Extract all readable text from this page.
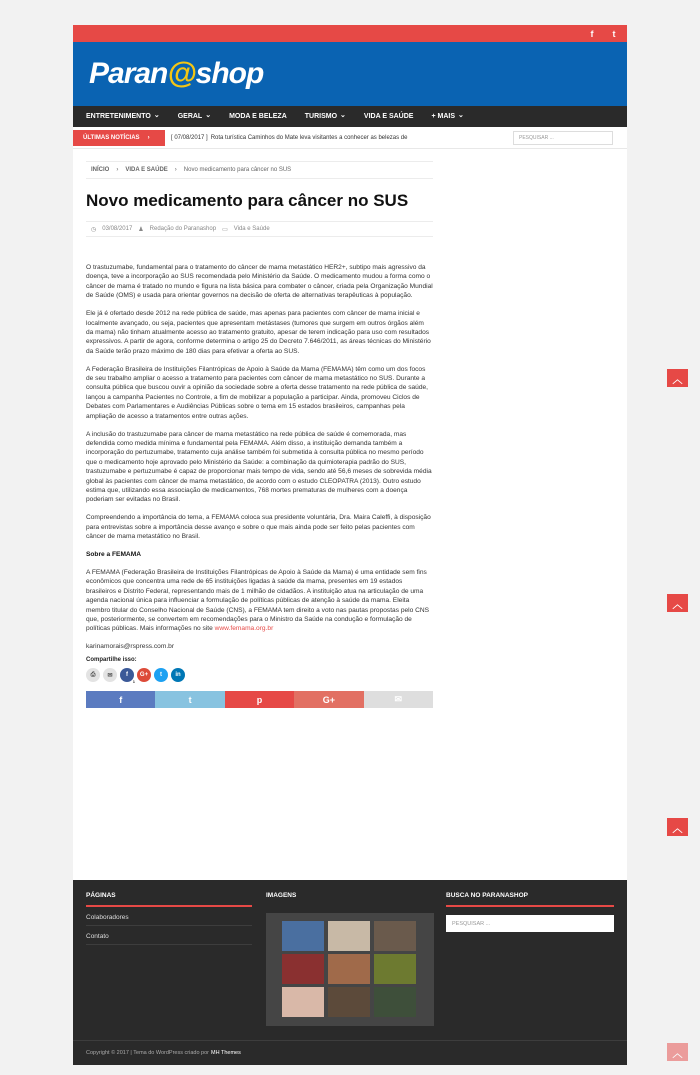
f	t
Paran@shop
ENTRETENIMENTO ⌄	GERAL ⌄	MODA E BELEZA	TURISMO ⌄	VIDA E SAÚDE	+ MAIS ⌄
ÚLTIMAS NOTÍCIAS ›	[ 07/08/2017 ] Rota turística Caminhos do Mate leva visitantes a conhecer as belezas de	PESQUISAR ...
INÍCIO › VIDA E SAÚDE › Novo medicamento para câncer no SUS
Novo medicamento para câncer no SUS
◷ 03/08/2017 ♟ Redação do Paranashop ▭ Vida e Saúde

O trastuzumabe, fundamental para o tratamento do câncer de mama metastático HER2+, subtipo mais agressivo da doença, teve a incorporação ao SUS recomendada pelo Ministério da Saúde. O medicamento mudou a forma como o câncer de mama é tratado no mundo e figura na lista básica para combater o câncer, criada pela Organização Mundial de Saúde (OMS) e usada para orientar governos na decisão de oferta de alternativas terapêuticas à população.

Ele já é ofertado desde 2012 na rede pública de saúde, mas apenas para pacientes com câncer de mama inicial e localmente avançado, ou seja, pacientes que apresentam metástases (tumores que surgem em outros órgãos além da mama) não tinham atualmente acesso ao tratamento gratuito, apesar de terem indicação para uso com resultados expressivos. A partir de agora, conforme determina o artigo 25 do Decreto 7.646/2011, as áreas técnicas do Ministério da Saúde terão prazo máximo de 180 dias para efetivar a oferta ao SUS.

A Federação Brasileira de Instituições Filantrópicas de Apoio à Saúde da Mama (FEMAMA) têm como um dos focos de seu trabalho ampliar o acesso a tratamento para pacientes com câncer de mama metastático no SUS. Durante a consulta pública que buscou ouvir a opinião da sociedade sobre a oferta desse tratamento na rede pública de saúde, lançou a campanha Pacientes no Controle, a fim de mobilizar a população a participar. Ainda, promoveu Ciclos de Debates com Parlamentares e Audiências Públicas sobre o tema em 15 estados brasileiros, campanhas pela ampliação de acesso a tratamentos entre outras ações.

A inclusão do trastuzumabe para câncer de mama metastático na rede pública de saúde é comemorada, mas defendida como medida mínima e fundamental pela FEMAMA. Além disso, a instituição demanda também a incorporação do pertuzumabe, tratamento cuja análise também foi submetida à consulta pública no mesmo período que o medicamento hoje aprovado pelo Ministério da Saúde: a combinação da quimioterapia padrão do SUS, trastuzumabe e pertuzumabe é capaz de proporcionar mais tempo de vida, sendo até 56,6 meses de sobrevida média global às pacientes com câncer de mama metastático, de acordo com o estudo CLEOPATRA (2013). Outro estudo estima que, utilizando essa associação de medicamentos, 768 mortes prematuras de mulheres com a doença poderiam ser evitadas no Brasil.

Compreendendo a importância do tema, a FEMAMA coloca sua presidente voluntária, Dra. Maira Caleffi, à disposição para entrevistas sobre a importância desse avanço e sobre o que mais ainda pode ser feito pelas pacientes com câncer de mama metastático no Brasil.

Sobre a FEMAMA

A FEMAMA (Federação Brasileira de Instituições Filantrópicas de Apoio à Saúde da Mama) é uma entidade sem fins econômicos que concentra uma rede de 65 instituições ligadas à saúde da mama, presentes em 19 estados brasileiros e Distrito Federal, representando mais de 1 milhão de cidadãos. A instituição atua na articulação de uma agenda nacional única para influenciar a formulação de políticas públicas de atenção à saúde da mama. Eleita membro titular do Conselho Nacional de Saúde (CNS), a FEMAMA tem direito a voto nas pautas propostas pelo CNS que, posteriormente, se convertem em recomendações para o Ministro da Saúde na condução e formulação de políticas públicas. Mais informações no site www.femama.org.br

karinamorais@rspress.com.br

Compartilhe isso:
⎙	✉	f
1
G+	t	in
f	t	p	G+	✉
PÁGINAS
Colaboradores
Contato
IMAGENS	BUSCA NO PARANASHOP
PESQUISAR ...
Copyright © 2017 | Tema do WordPress criado por MH Themes
︿
︿
︿
︿
